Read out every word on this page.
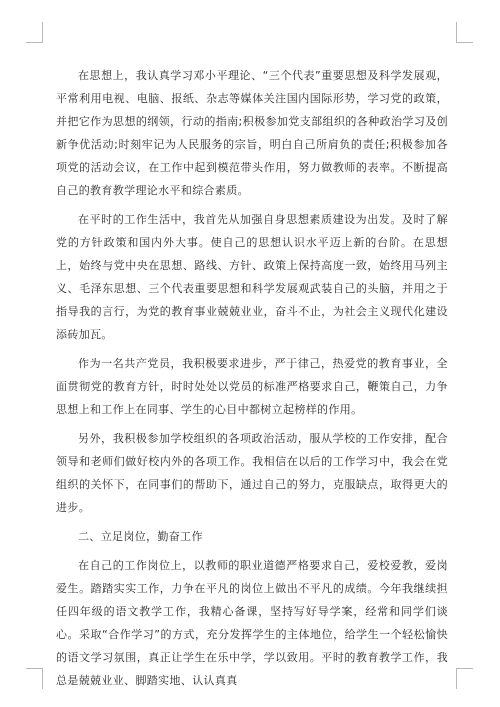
在思想上，我认真学习邓小平理论、“三个代表”重要思想及科学发展观，平常利用电视、电脑、报纸、杂志等媒体关注国内国际形势，学习党的政策，并把它作为思想的纲领，行动的指南;积极参加党支部组织的各种政治学习及创新争优活动;时刻牢记为人民服务的宗旨，明白自己所肩负的责任;积极参加各项党的活动会议，在工作中起到模范带头作用，努力做教师的表率。不断提高自己的教育教学理论水平和综合素质。

在平时的工作生活中，我首先从加强自身思想素质建设为出发。及时了解党的方针政策和国内外大事。使自己的思想认识水平迈上新的台阶。在思想上，始终与党中央在思想、路线、方针、政策上保持高度一致，始终用马列主义、毛泽东思想、三个代表重要思想和科学发展观武装自己的头脑，并用之于指导我的言行，为党的教育事业兢兢业业，奋斗不止，为社会主义现代化建设添砖加瓦。

作为一名共产党员，我积极要求进步，严于律己，热爱党的教育事业，全面贯彻党的教育方针，时时处处以党员的标准严格要求自己，鞭策自己，力争思想上和工作上在同事、学生的心目中都树立起榜样的作用。

另外，我积极参加学校组织的各项政治活动，服从学校的工作安排，配合领导和老师们做好校内外的各项工作。我相信在以后的工作学习中，我会在党组织的关怀下，在同事们的帮助下，通过自己的努力，克服缺点，取得更大的进步。

二、立足岗位，勤奋工作

在自己的工作岗位上，以教师的职业道德严格要求自己，爱校爱教，爱岗爱生。踏踏实实工作，力争在平凡的岗位上做出不平凡的成绩。今年我继续担任四年级的语文教学工作，我精心备课，坚持写好导学案，经常和同学们谈心。采取“合作学习”的方式，充分发挥学生的主体地位，给学生一个轻松愉快的语文学习氛围，真正让学生在乐中学，学以致用。平时的教育教学工作，我总是兢兢业业、脚踏实地、认认真真
